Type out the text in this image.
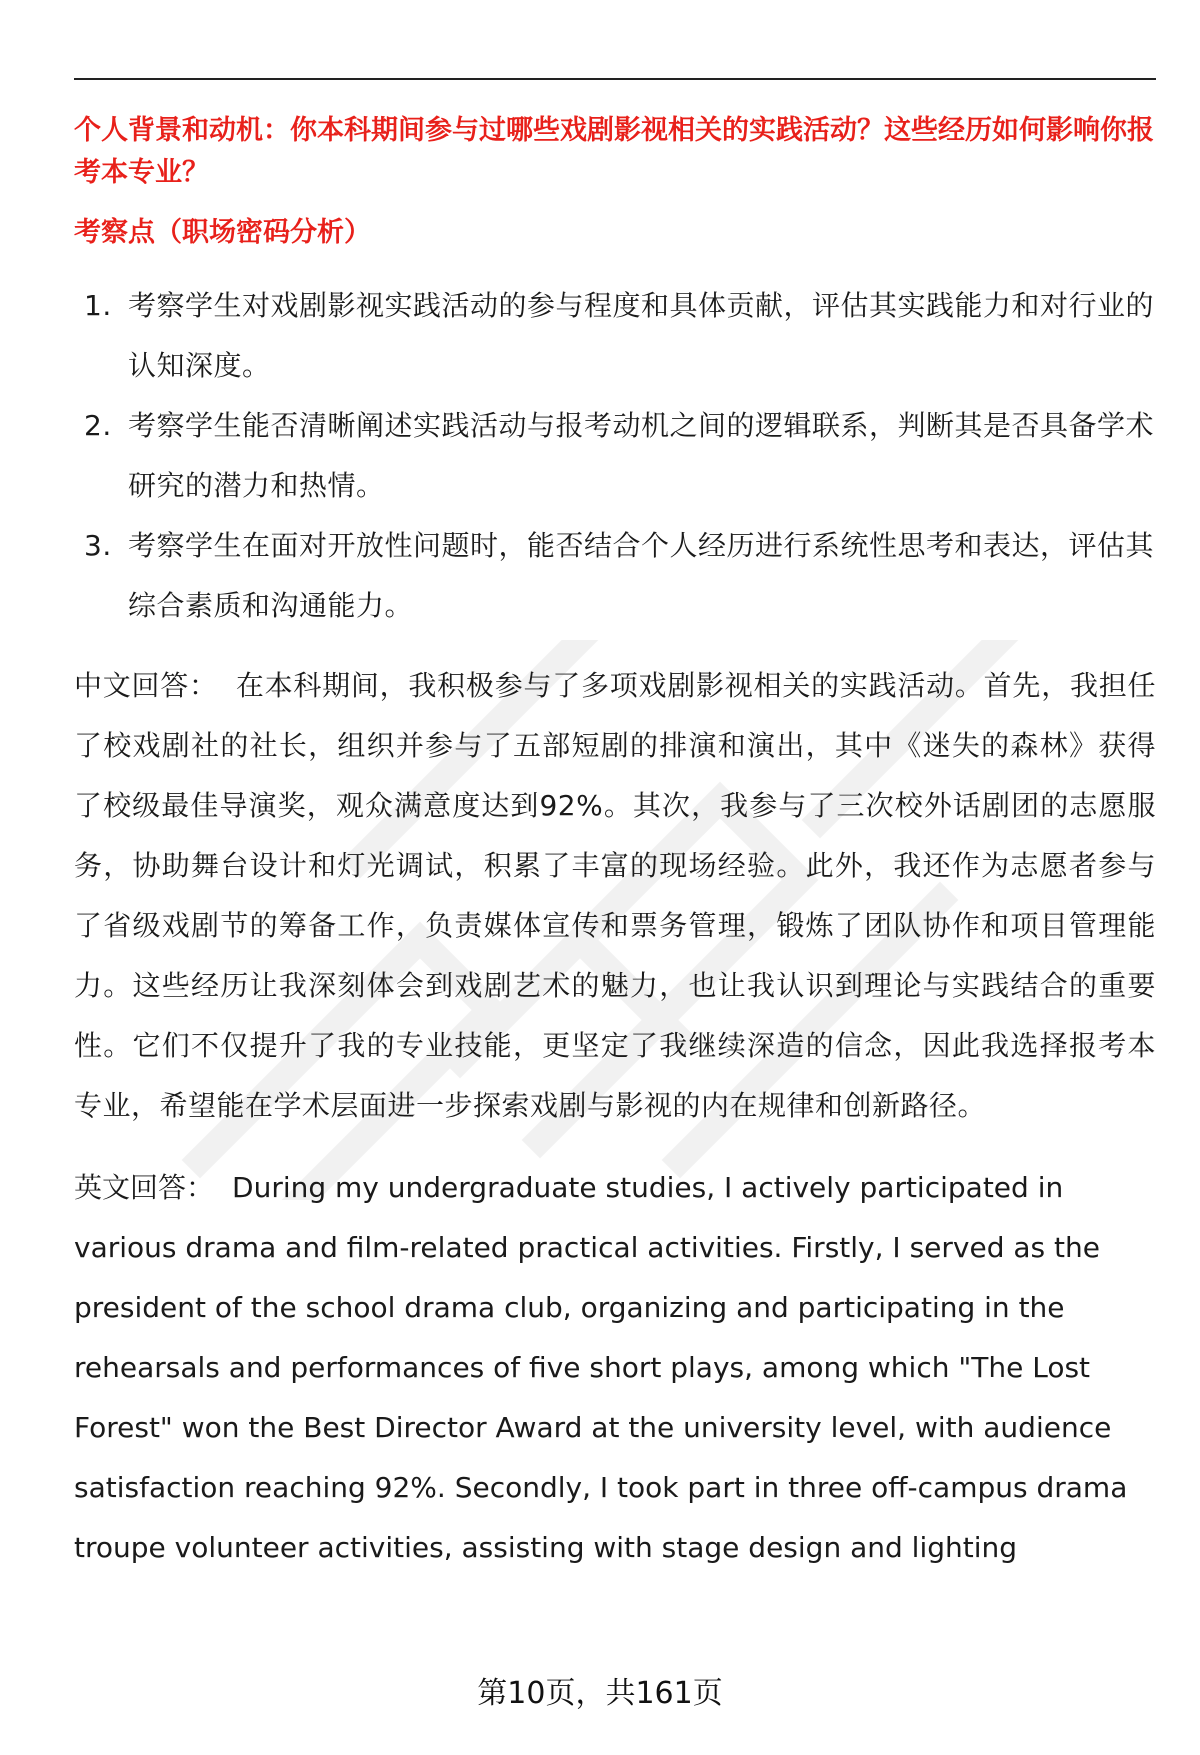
个人背景和动机：你本科期间参与过哪些戏剧影视相关的实践活动？这些经历如何影响你报考本专业？

考察点（职场密码分析）

1. 考察学生对戏剧影视实践活动的参与程度和具体贡献，评估其实践能力和对行业的认知深度。
2. 考察学生能否清晰阐述实践活动与报考动机之间的逻辑联系，判断其是否具备学术研究的潜力和热情。
3. 考察学生在面对开放性问题时，能否结合个人经历进行系统性思考和表达，评估其综合素质和沟通能力。

中文回答： 在本科期间，我积极参与了多项戏剧影视相关的实践活动。首先，我担任了校戏剧社的社长，组织并参与了五部短剧的排演和演出，其中《迷失的森林》获得了校级最佳导演奖，观众满意度达到92%。其次，我参与了三次校外话剧团的志愿服务，协助舞台设计和灯光调试，积累了丰富的现场经验。此外，我还作为志愿者参与了省级戏剧节的筹备工作，负责媒体宣传和票务管理，锻炼了团队协作和项目管理能力。这些经历让我深刻体会到戏剧艺术的魅力，也让我认识到理论与实践结合的重要性。它们不仅提升了我的专业技能，更坚定了我继续深造的信念，因此我选择报考本专业，希望能在学术层面进一步探索戏剧与影视的内在规律和创新路径。

英文回答： During my undergraduate studies, I actively participated in various drama and film-related practical activities. Firstly, I served as the president of the school drama club, organizing and participating in the rehearsals and performances of five short plays, among which "The Lost Forest" won the Best Director Award at the university level, with audience satisfaction reaching 92%. Secondly, I took part in three off-campus drama troupe volunteer activities, assisting with stage design and lighting

第10页，共161页
